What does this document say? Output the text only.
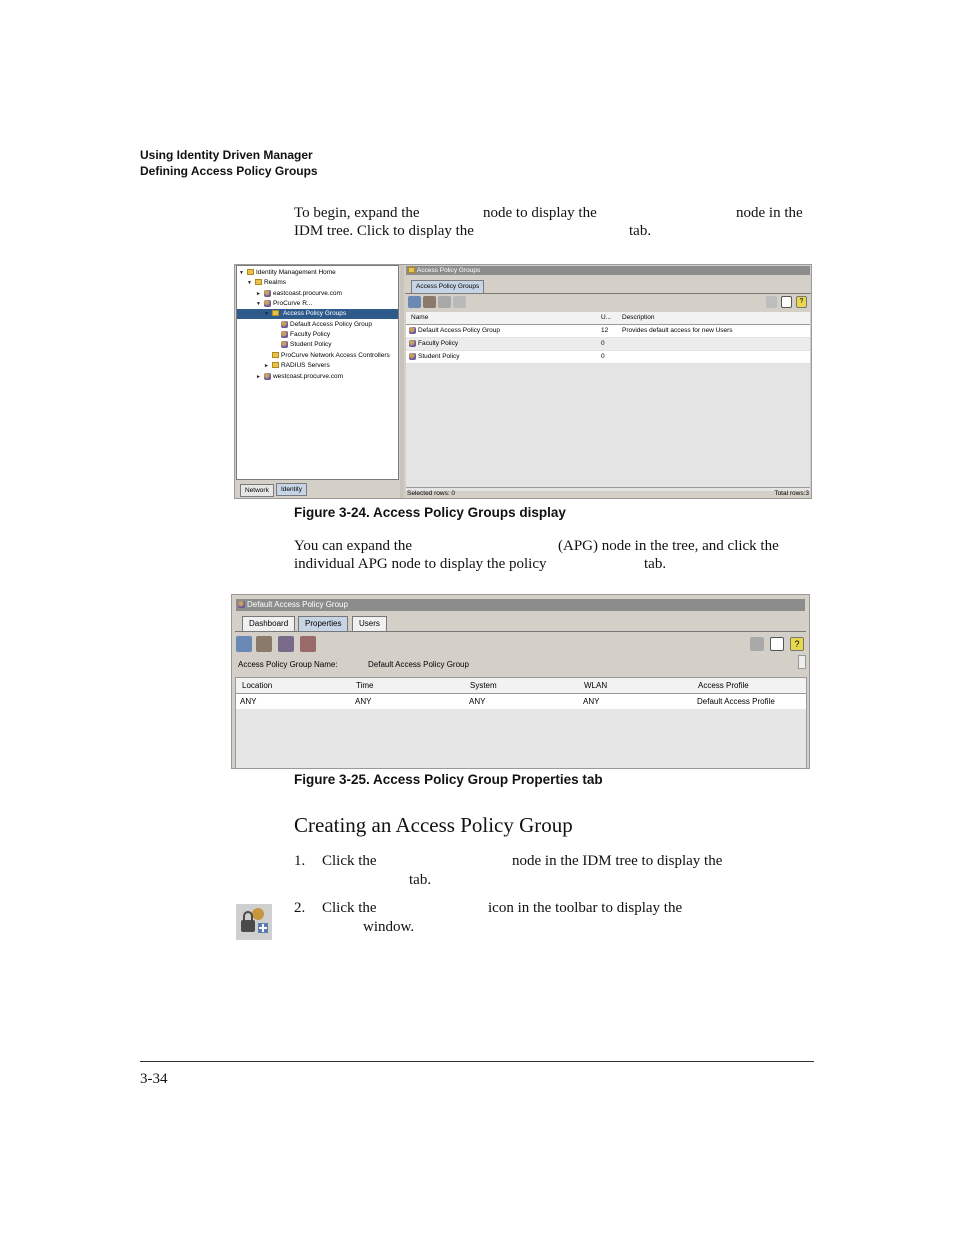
Using Identity Driven Manager
Defining Access Policy Groups
To begin, expand the	node to display the	node in the
IDM tree. Click to display the	tab.
▼ Identity Management Home
▼ Realms
► eastcoast.procurve.com
▼ ProCurve R...
▼ Access Policy Groups
Default Access Policy Group
Faculty Policy
Student Policy
ProCurve Network Access Controllers
► RADIUS Servers
► westcoast.procurve.com
Network	Identity
Access Policy Groups
Access Policy Groups
?
Name	U... Description
Default Access Policy Group	12 Provides default access for new Users
Faculty Policy	0
Student Policy	0
Selected rows: 0	Total rows:3
Figure 3-24. Access Policy Groups display
You can expand the	(APG) node in the tree, and click the
individual APG node to display the policy	tab.
Default Access Policy Group
Dashboard	Properties	Users
?
Access Policy Group Name:	Default Access Policy Group
Location	Time	System	WLAN	Access Profile
ANY	ANY	ANY	ANY	Default Access Profile
Figure 3-25. Access Policy Group Properties tab
Creating an Access Policy Group
1. Click the	node in the IDM tree to display the
tab.
2. Click the	icon in the toolbar to display the
window.
3-34
